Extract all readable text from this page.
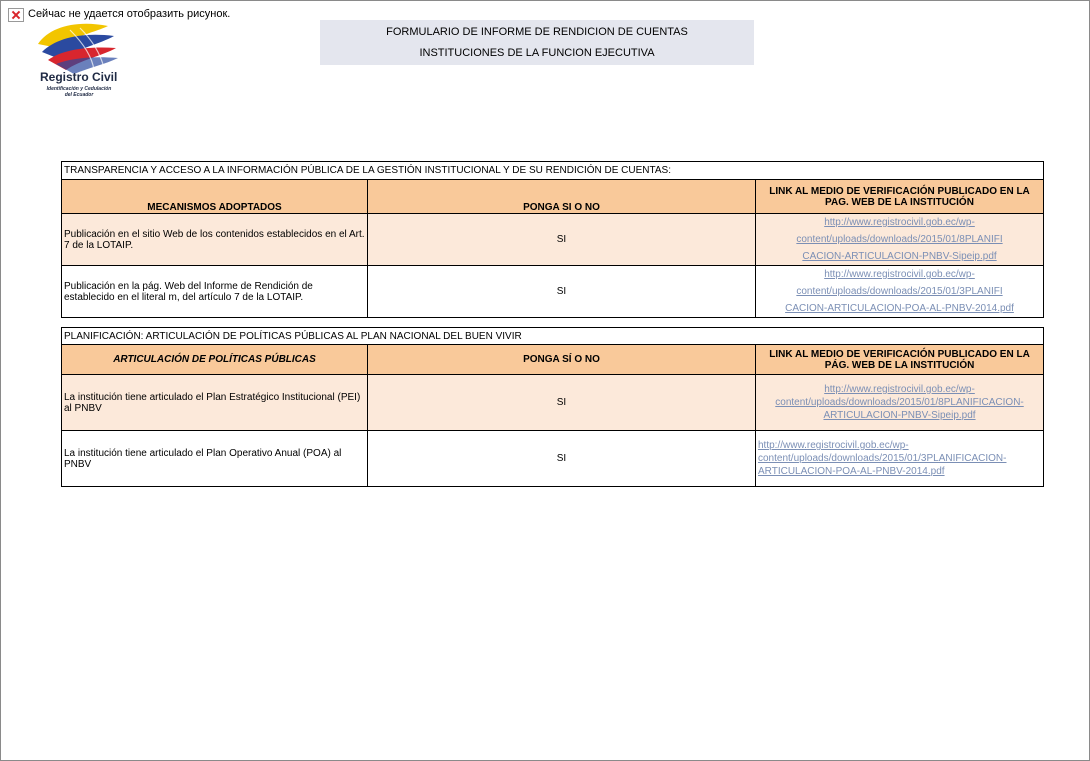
Сейчас не удается отобразить рисунок.
Registro Civil
Identificación y Cedulación del Ecuador
FORMULARIO DE INFORME DE RENDICION DE CUENTAS
INSTITUCIONES DE LA FUNCION EJECUTIVA
TRANSPARENCIA Y ACCESO A LA INFORMACIÓN PÚBLICA DE LA GESTIÓN INSTITUCIONAL Y DE SU RENDICIÓN DE CUENTAS:		
MECANISMOS ADOPTADOS	PONGA SI O NO	LINK AL MEDIO DE VERIFICACIÓN PUBLICADO EN LA PAG. WEB DE LA INSTITUCIÓN
Publicación en el sitio Web de los contenidos establecidos en el Art. 7 de la LOTAIP.	SI	http://www.registrocivil.gob.ec/wp-
content/uploads/downloads/2015/01/8PLANIFI
CACION-ARTICULACION-PNBV-Sipeip.pdf

Publicación en la pág. Web del Informe de Rendición de establecido en el literal m, del artículo 7 de la LOTAIP.	SI	http://www.registrocivil.gob.ec/wp-
content/uploads/downloads/2015/01/3PLANIFI
CACION-ARTICULACION-POA-AL-PNBV-2014.pdf
PLANIFICACIÓN: ARTICULACIÓN DE POLÍTICAS PÚBLICAS AL PLAN NACIONAL DEL BUEN VIVIR		
ARTICULACIÓN DE POLÍTICAS PÚBLICAS	PONGA SÍ O NO	LINK AL MEDIO DE VERIFICACIÓN PUBLICADO EN LA PÁG. WEB DE LA INSTITUCIÓN
La institución tiene articulado el Plan Estratégico Institucional (PEI) al PNBV	SI	http://www.registrocivil.gob.ec/wp-
content/uploads/downloads/2015/01/8PLANIFICACION-
ARTICULACION-PNBV-Sipeip.pdf

La institución tiene articulado el Plan Operativo Anual (POA) al PNBV	SI	http://www.registrocivil.gob.ec/wp-
content/uploads/downloads/2015/01/3PLANIFICACION-
ARTICULACION-POA-AL-PNBV-2014.pdf
